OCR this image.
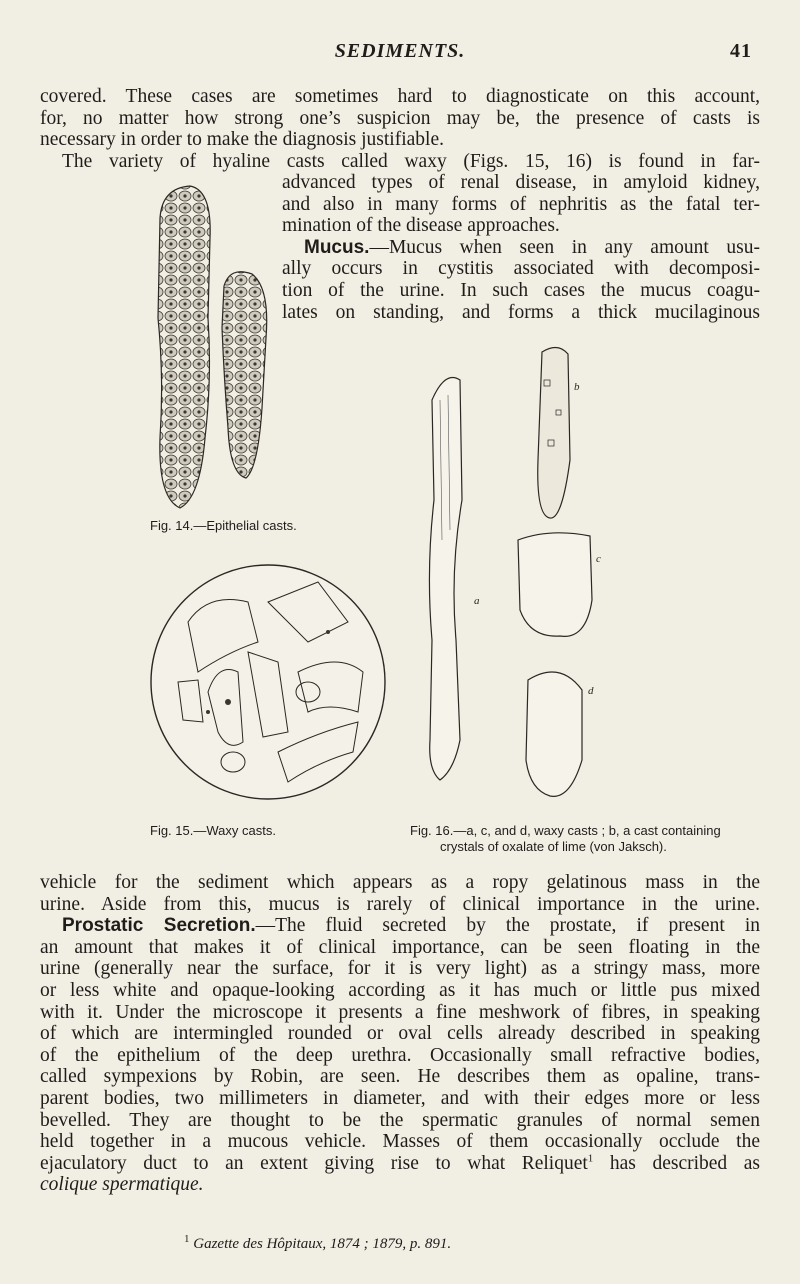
SEDIMENTS.	41
covered. These cases are sometimes hard to diagnosticate on this account,
for, no matter how strong one’s suspicion may be, the presence of casts is
necessary in order to make the diagnosis justifiable.
The variety of hyaline casts called waxy (Figs. 15, 16) is found in far-
advanced types of renal disease, in amyloid kidney,
and also in many forms of nephritis as the fatal ter-
mination of the disease approaches.
Mucus.—Mucus when seen in any amount usu-
ally occurs in cystitis associated with decomposi-
tion of the urine. In such cases the mucus coagu-
lates on standing, and forms a thick mucilaginous
Fig. 14.—Epithelial casts.
Fig. 15.—Waxy casts.
a
b
c
d
Fig. 16.—a, c, and d, waxy casts ; b, a cast containing
crystals of oxalate of lime (von Jaksch).
vehicle for the sediment which appears as a ropy gelatinous mass in the
urine. Aside from this, mucus is rarely of clinical importance in the urine.
Prostatic Secretion.—The fluid secreted by the prostate, if present in
an amount that makes it of clinical importance, can be seen floating in the
urine (generally near the surface, for it is very light) as a stringy mass, more
or less white and opaque-looking according as it has much or little pus mixed
with it. Under the microscope it presents a fine meshwork of fibres, in speaking
of which are intermingled rounded or oval cells already described in speaking
of the epithelium of the deep urethra. Occasionally small refractive bodies,
called sympexions by Robin, are seen. He describes them as opaline, trans-
parent bodies, two millimeters in diameter, and with their edges more or less
bevelled. They are thought to be the spermatic granules of normal semen
held together in a mucous vehicle. Masses of them occasionally occlude the
ejaculatory duct to an extent giving rise to what Reliquet$^1$ has described as
colique spermatique.
$^1$ Gazette des Hôpitaux, 1874 ; 1879, p. 891.
